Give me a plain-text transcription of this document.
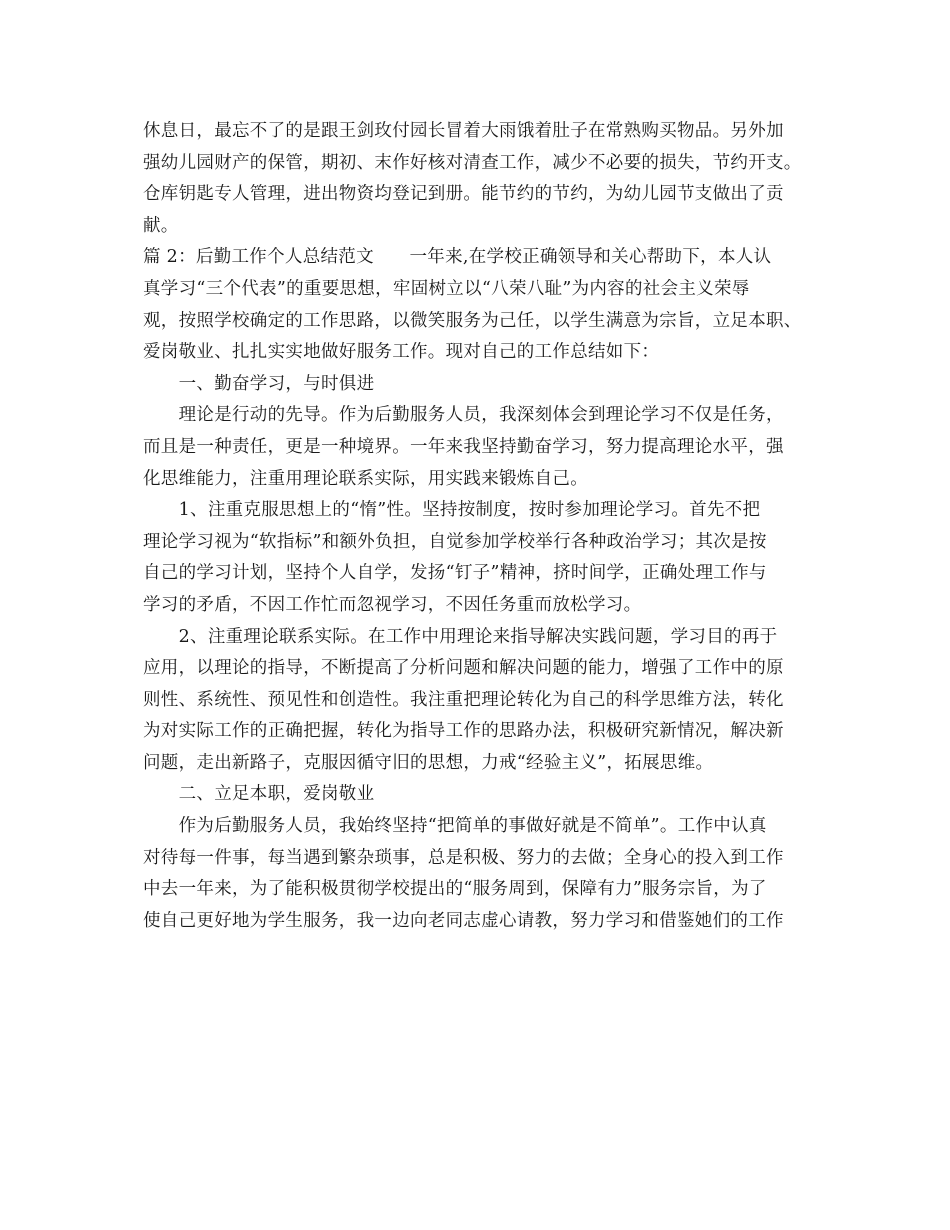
休息日，最忘不了的是跟王剑玫付园长冒着大雨饿着肚子在常熟购买物品。另外加
强幼儿园财产的保管，期初、末作好核对清查工作，减少不必要的损失，节约开支。
仓库钥匙专人管理，进出物资均登记到册。能节约的节约，为幼儿园节支做出了贡
献。
篇 2：后勤工作个人总结范文　　一年来,在学校正确领导和关心帮助下，本人认
真学习“三个代表”的重要思想，牢固树立以“八荣八耻”为内容的社会主义荣辱
观，按照学校确定的工作思路，以微笑服务为己任，以学生满意为宗旨，立足本职、
爱岗敬业、扎扎实实地做好服务工作。现对自己的工作总结如下：
　　一、勤奋学习，与时俱进
　　理论是行动的先导。作为后勤服务人员，我深刻体会到理论学习不仅是任务，
而且是一种责任，更是一种境界。一年来我坚持勤奋学习，努力提高理论水平，强
化思维能力，注重用理论联系实际，用实践来锻炼自己。
　　1、注重克服思想上的“惰”性。坚持按制度，按时参加理论学习。首先不把
理论学习视为“软指标”和额外负担，自觉参加学校举行各种政治学习；其次是按
自己的学习计划，坚持个人自学，发扬“钉子”精神，挤时间学，正确处理工作与
学习的矛盾，不因工作忙而忽视学习，不因任务重而放松学习。
　　2、注重理论联系实际。在工作中用理论来指导解决实践问题，学习目的再于
应用，以理论的指导，不断提高了分析问题和解决问题的能力，增强了工作中的原
则性、系统性、预见性和创造性。我注重把理论转化为自己的科学思维方法，转化
为对实际工作的正确把握，转化为指导工作的思路办法，积极研究新情况，解决新
问题，走出新路子，克服因循守旧的思想，力戒“经验主义”，拓展思维。
　　二、立足本职，爱岗敬业
　　作为后勤服务人员，我始终坚持“把简单的事做好就是不简单”。工作中认真
对待每一件事，每当遇到繁杂琐事，总是积极、努力的去做；全身心的投入到工作
中去一年来，为了能积极贯彻学校提出的“服务周到，保障有力”服务宗旨，为了
使自己更好地为学生服务，我一边向老同志虚心请教，努力学习和借鉴她们的工作
